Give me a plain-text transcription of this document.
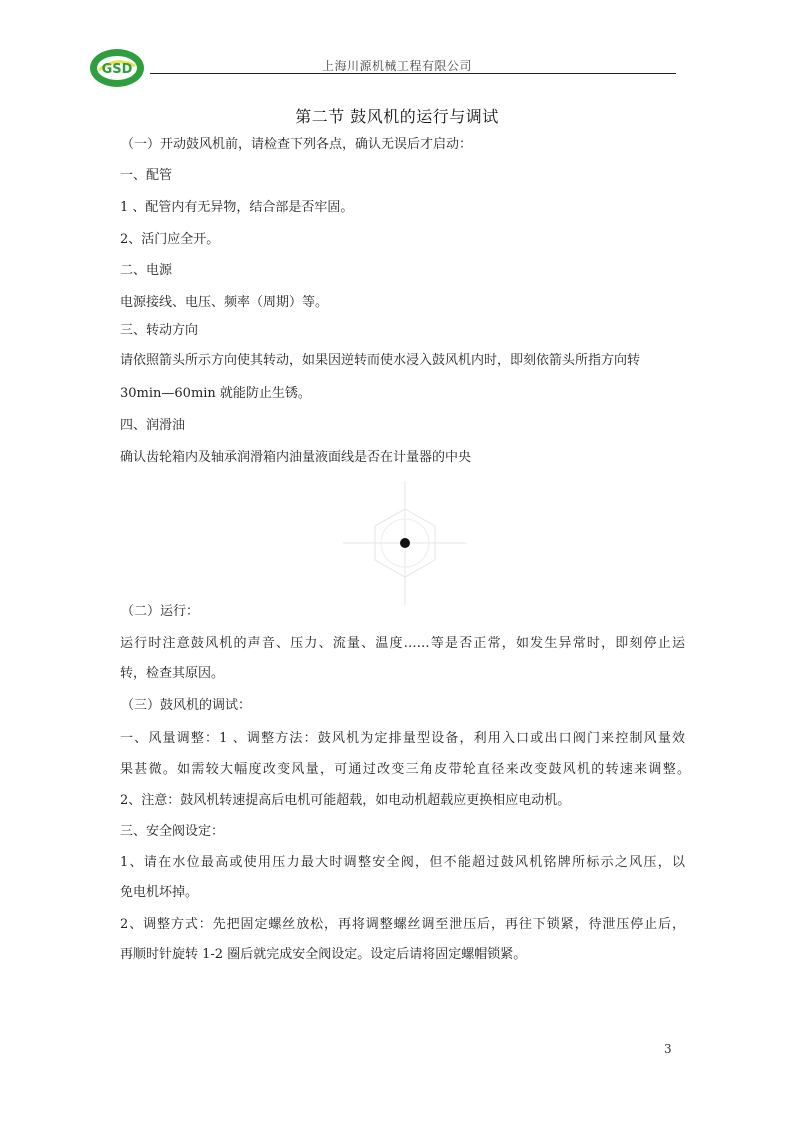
GSD	上海川源机械工程有限公司
第二节 鼓风机的运行与调试
（一）开动鼓风机前，请检查下列各点，确认无误后才启动：
一、配管
1 、配管内有无异物，结合部是否牢固。
2、活门应全开。
二、电源
电源接线、电压、频率（周期）等。
三、转动方向
请依照箭头所示方向使其转动，如果因逆转而使水浸入鼓风机内时，即刻依箭头所指方向转
30min—60min 就能防止生锈。
四、润滑油
确认齿轮箱内及轴承润滑箱内油量液面线是否在计量器的中央
（二）运行：
运行时注意鼓风机的声音、压力、流量、温度……等是否正常，如发生异常时，即刻停止运
转，检查其原因。
（三）鼓风机的调试：
一、风量调整：1 、调整方法：鼓风机为定排量型设备，利用入口或出口阀门来控制风量效
果甚微。如需较大幅度改变风量，可通过改变三角皮带轮直径来改变鼓风机的转速来调整。
2、注意：鼓风机转速提高后电机可能超载，如电动机超载应更换相应电动机。
三、安全阀设定：
1、请在水位最高或使用压力最大时调整安全阀，但不能超过鼓风机铭牌所标示之风压，以
免电机坏掉。
2、调整方式：先把固定螺丝放松，再将调整螺丝调至泄压后，再往下锁紧，待泄压停止后，
再顺时针旋转 1-2 圈后就完成安全阀设定。设定后请将固定螺帽锁紧。
3
